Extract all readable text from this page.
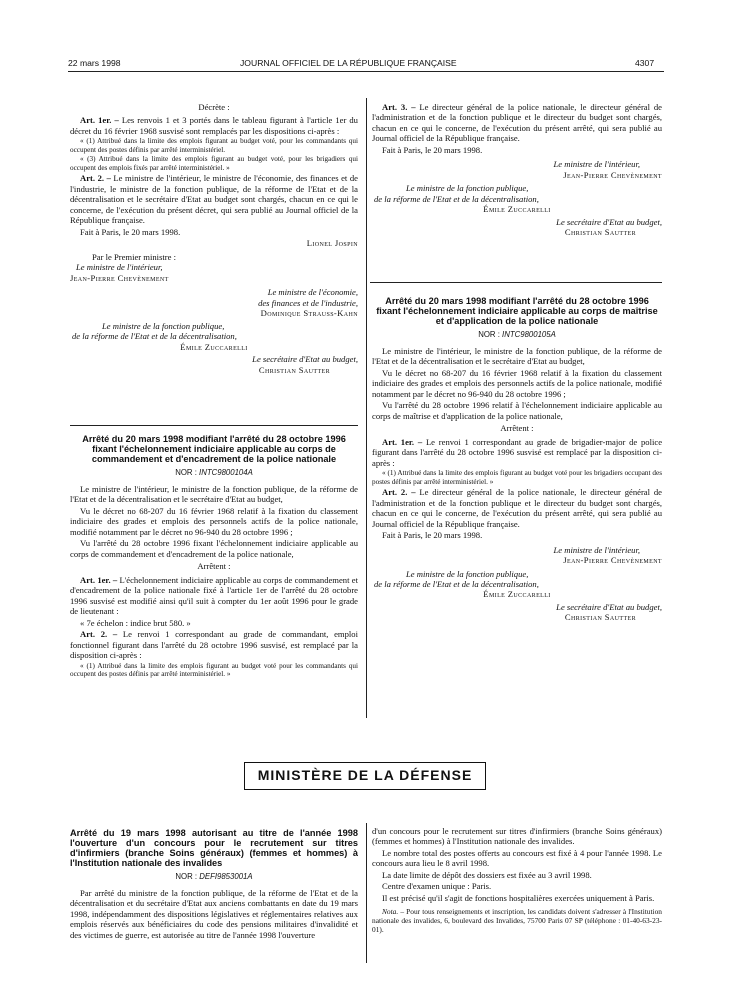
22 mars 1998	JOURNAL OFFICIEL DE LA RÉPUBLIQUE FRANÇAISE	4307
Décrète :

Art. 1er. – Les renvois 1 et 3 portés dans le tableau figurant à l'article 1er du décret du 16 février 1968 susvisé sont remplacés par les dispositions ci-après :

« (1) Attribué dans la limite des emplois figurant au budget voté, pour les commandants qui occupent des postes définis par arrêté interministériel.

« (3) Attribué dans la limite des emplois figurant au budget voté, pour les brigadiers qui occupent des emplois fixés par arrêté interministériel. »

Art. 2. – Le ministre de l'intérieur, le ministre de l'économie, des finances et de l'industrie, le ministre de la fonction publique, de la réforme de l'Etat et de la décentralisation et le secrétaire d'Etat au budget sont chargés, chacun en ce qui le concerne, de l'exécution du présent décret, qui sera publié au Journal officiel de la République française.

Fait à Paris, le 20 mars 1998.

Lionel Jospin
Par le Premier ministre :
Le ministre de l'intérieur,
Jean-Pierre Chevènement
Le ministre de l'économie,
des finances et de l'industrie,
Dominique Strauss-Kahn
Le ministre de la fonction publique,
de la réforme de l'Etat et de la décentralisation,
Émile Zuccarelli
Le secrétaire d'Etat au budget,
Christian Sautter
Arrêté du 20 mars 1998 modifiant l'arrêté du 28 octobre 1996 fixant l'échelonnement indiciaire applicable au corps de commandement et d'encadrement de la police nationale
NOR : INTC9800104A

Le ministre de l'intérieur, le ministre de la fonction publique, de la réforme de l'Etat et de la décentralisation et le secrétaire d'Etat au budget,

Vu le décret no 68-207 du 16 février 1968 relatif à la fixation du classement indiciaire des grades et emplois des personnels actifs de la police nationale, modifié notamment par le décret no 96-940 du 28 octobre 1996 ;

Vu l'arrêté du 28 octobre 1996 fixant l'échelonnement indiciaire applicable au corps de commandement et d'encadrement de la police nationale,

Arrêtent :

Art. 1er. – L'échelonnement indiciaire applicable au corps de commandement et d'encadrement de la police nationale fixé à l'article 1er de l'arrêté du 28 octobre 1996 susvisé est modifié ainsi qu'il suit à compter du 1er août 1996 pour le grade de lieutenant :

« 7e échelon : indice brut 580. »

Art. 2. – Le renvoi 1 correspondant au grade de commandant, emploi fonctionnel figurant dans l'arrêté du 28 octobre 1996 susvisé, est remplacé par la disposition ci-après :

« (1) Attribué dans la limite des emplois figurant au budget voté pour les commandants qui occupent des postes définis par arrêté interministériel. »

Art. 3. – Le directeur général de la police nationale, le directeur général de l'administration et de la fonction publique et le directeur du budget sont chargés, chacun en ce qui le concerne, de l'exécution du présent arrêté, qui sera publié au Journal officiel de la République française.

Fait à Paris, le 20 mars 1998.

Le ministre de l'intérieur,
Jean-Pierre Chevènement
Le ministre de la fonction publique,
de la réforme de l'Etat et de la décentralisation,
Émile Zuccarelli
Le secrétaire d'Etat au budget,
Christian Sautter
Arrêté du 20 mars 1998 modifiant l'arrêté du 28 octobre 1996 fixant l'échelonnement indiciaire applicable au corps de maîtrise et d'application de la police nationale
NOR : INTC9800105A

Le ministre de l'intérieur, le ministre de la fonction publique, de la réforme de l'Etat et de la décentralisation et le secrétaire d'Etat au budget,

Vu le décret no 68-207 du 16 février 1968 relatif à la fixation du classement indiciaire des grades et emplois des personnels actifs de la police nationale, modifié notamment par le décret no 96-940 du 28 octobre 1996 ;

Vu l'arrêté du 28 octobre 1996 relatif à l'échelonnement indiciaire applicable au corps de maîtrise et d'application de la police nationale,

Arrêtent :

Art. 1er. – Le renvoi 1 correspondant au grade de brigadier-major de police figurant dans l'arrêté du 28 octobre 1996 susvisé est remplacé par la disposition ci-après :

« (1) Attribué dans la limite des emplois figurant au budget voté pour les brigadiers occupant des postes définis par arrêté interministériel. »

Art. 2. – Le directeur général de la police nationale, le directeur général de l'administration et de la fonction publique et le directeur du budget sont chargés, chacun en ce qui le concerne, de l'exécution du présent arrêté, qui sera publié au Journal officiel de la République française.

Fait à Paris, le 20 mars 1998.

Le ministre de l'intérieur,
Jean-Pierre Chevènement
Le ministre de la fonction publique,
de la réforme de l'Etat et de la décentralisation,
Émile Zuccarelli
Le secrétaire d'Etat au budget,
Christian Sautter
MINISTÈRE DE LA DÉFENSE
Arrêté du 19 mars 1998 autorisant au titre de l'année 1998 l'ouverture d'un concours pour le recrutement sur titres d'infirmiers (branche Soins généraux) (femmes et hommes) à l'Institution nationale des invalides
NOR : DEFI9853001A

Par arrêté du ministre de la fonction publique, de la réforme de l'Etat et de la décentralisation et du secrétaire d'Etat aux anciens combattants en date du 19 mars 1998, indépendamment des dispositions législatives et réglementaires relatives aux emplois réservés aux bénéficiaires du code des pensions militaires d'invalidité et des victimes de guerre, est autorisée au titre de l'année 1998 l'ouverture

d'un concours pour le recrutement sur titres d'infirmiers (branche Soins généraux) (femmes et hommes) à l'Institution nationale des invalides.

Le nombre total des postes offerts au concours est fixé à 4 pour l'année 1998. Le concours aura lieu le 8 avril 1998.

La date limite de dépôt des dossiers est fixée au 3 avril 1998.

Centre d'examen unique : Paris.

Il est précisé qu'il s'agit de fonctions hospitalières exercées uniquement à Paris.

Nota. – Pour tous renseignements et inscription, les candidats doivent s'adresser à l'Institution nationale des invalides, 6, boulevard des Invalides, 75700 Paris 07 SP (téléphone : 01-40-63-23-01).
